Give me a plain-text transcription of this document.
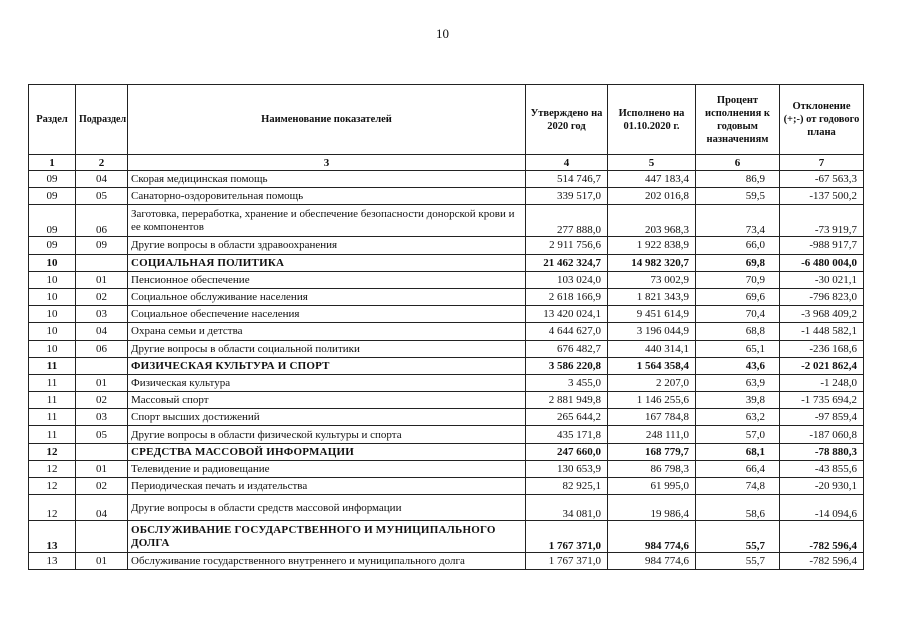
10
Раздел	Подраздел	Наименование показателей	Утверждено на 2020 год	Исполнено на 01.10.2020 г.	Процент исполнения к годовым назначениям	Отклонение (+;-) от годового плана
1	2	3	4	5	6	7
09	04	Скорая медицинская помощь	514 746,7	447 183,4	86,9	-67 563,3
09	05	Санаторно-оздоровительная помощь	339 517,0	202 016,8	59,5	-137 500,2
09	06	Заготовка, переработка, хранение и обеспечение безопасности донорской крови и ее компонентов	277 888,0	203 968,3	73,4	-73 919,7
09	09	Другие вопросы в области здравоохранения	2 911 756,6	1 922 838,9	66,0	-988 917,7
10		СОЦИАЛЬНАЯ ПОЛИТИКА	21 462 324,7	14 982 320,7	69,8	-6 480 004,0
10	01	Пенсионное обеспечение	103 024,0	73 002,9	70,9	-30 021,1
10	02	Социальное обслуживание населения	2 618 166,9	1 821 343,9	69,6	-796 823,0
10	03	Социальное обеспечение населения	13 420 024,1	9 451 614,9	70,4	-3 968 409,2
10	04	Охрана семьи и детства	4 644 627,0	3 196 044,9	68,8	-1 448 582,1
10	06	Другие вопросы в области социальной политики	676 482,7	440 314,1	65,1	-236 168,6
11		ФИЗИЧЕСКАЯ КУЛЬТУРА И СПОРТ	3 586 220,8	1 564 358,4	43,6	-2 021 862,4
11	01	Физическая культура	3 455,0	2 207,0	63,9	-1 248,0
11	02	Массовый спорт	2 881 949,8	1 146 255,6	39,8	-1 735 694,2
11	03	Спорт высших достижений	265 644,2	167 784,8	63,2	-97 859,4
11	05	Другие вопросы в области физической культуры и спорта	435 171,8	248 111,0	57,0	-187 060,8
12		СРЕДСТВА МАССОВОЙ ИНФОРМАЦИИ	247 660,0	168 779,7	68,1	-78 880,3
12	01	Телевидение и радиовещание	130 653,9	86 798,3	66,4	-43 855,6
12	02	Периодическая печать и издательства	82 925,1	61 995,0	74,8	-20 930,1
12	04	Другие вопросы в области средств массовой информации	34 081,0	19 986,4	58,6	-14 094,6
13		ОБСЛУЖИВАНИЕ ГОСУДАРСТВЕННОГО И МУНИЦИПАЛЬНОГО ДОЛГА	1 767 371,0	984 774,6	55,7	-782 596,4
13	01	Обслуживание государственного внутреннего и муниципального долга	1 767 371,0	984 774,6	55,7	-782 596,4
